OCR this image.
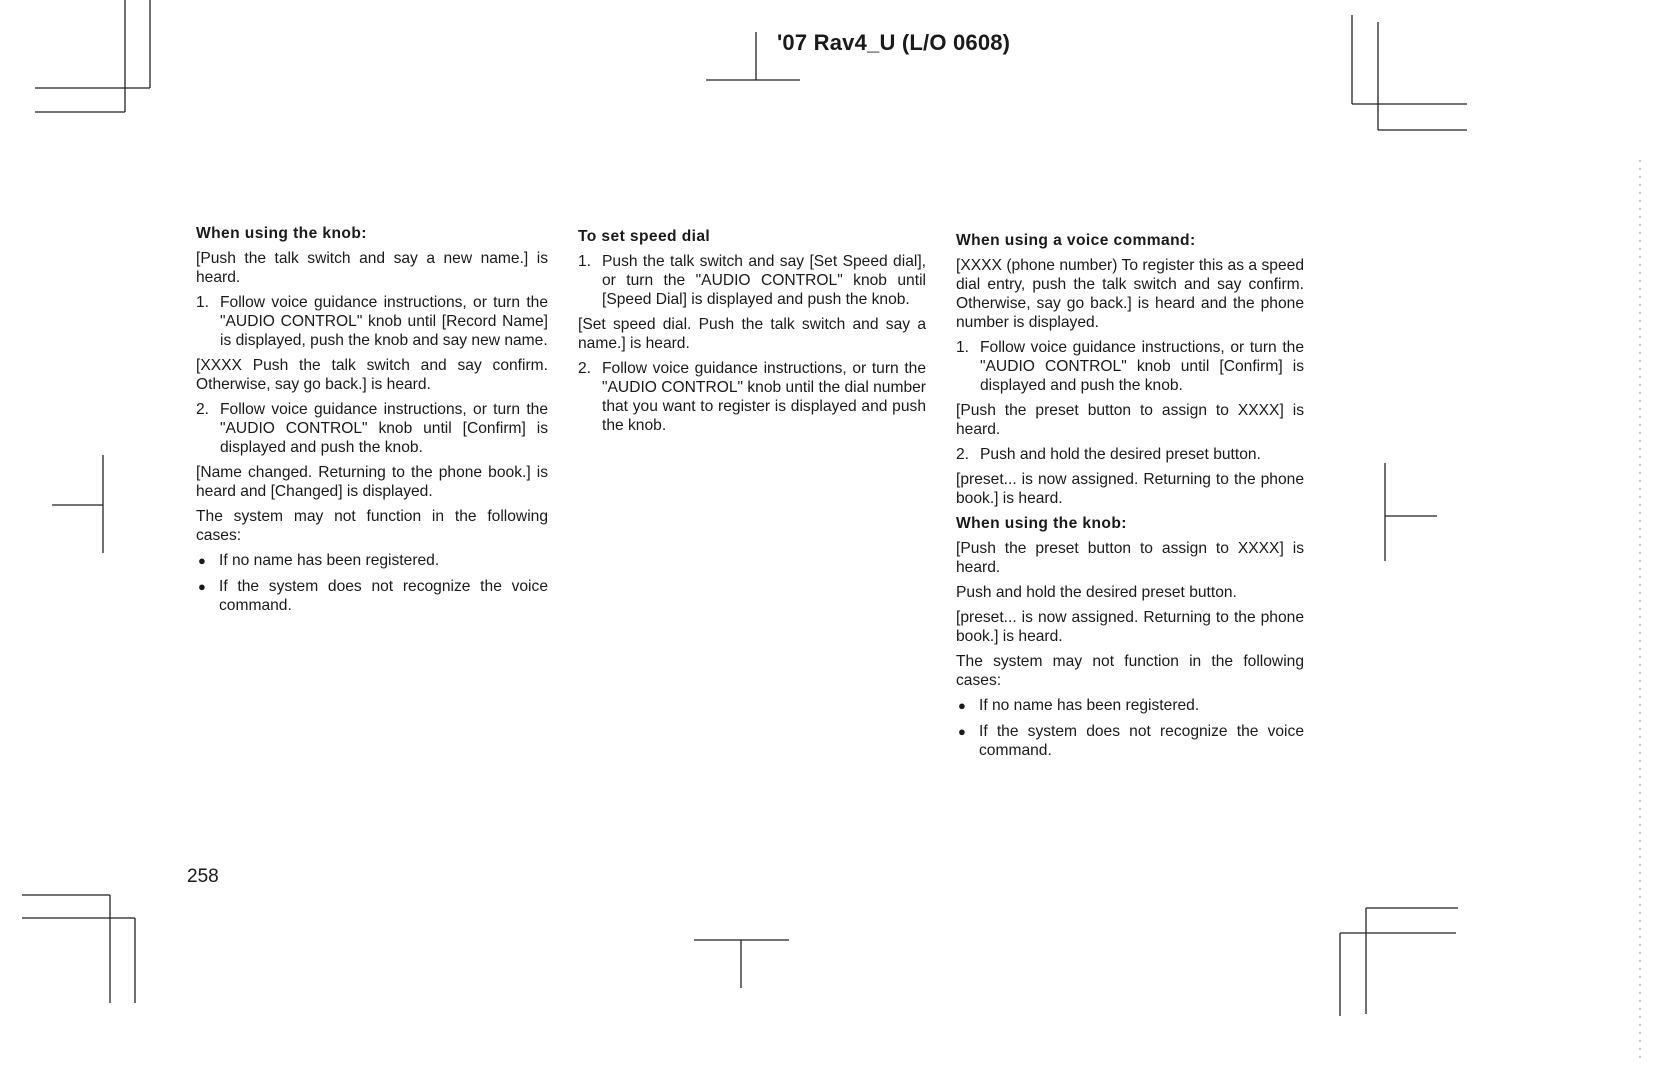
'07 Rav4_U (L/O 0608)

When using the knob:

[Push the talk switch and say a new name.] is heard.

1. Follow voice guidance instructions, or turn the "AUDIO CONTROL" knob until [Record Name] is displayed, push the knob and say new name.

[XXXX Push the talk switch and say confirm. Otherwise, say go back.] is heard.

2. Follow voice guidance instructions, or turn the "AUDIO CONTROL" knob until [Confirm] is displayed and push the knob.

[Name changed. Returning to the phone book.] is heard and [Changed] is displayed.

The system may not function in the following cases:

● If no name has been registered.
● If the system does not recognize the voice command.

To set speed dial

1. Push the talk switch and say [Set Speed dial], or turn the "AUDIO CONTROL" knob until [Speed Dial] is displayed and push the knob.

[Set speed dial. Push the talk switch and say a name.] is heard.

2. Follow voice guidance instructions, or turn the "AUDIO CONTROL" knob until the dial number that you want to register is displayed and push the knob.

When using a voice command:

[XXXX (phone number) To register this as a speed dial entry, push the talk switch and say confirm. Otherwise, say go back.] is heard and the phone number is displayed.

1. Follow voice guidance instructions, or turn the "AUDIO CONTROL" knob until [Confirm] is displayed and push the knob.

[Push the preset button to assign to XXXX] is heard.

2. Push and hold the desired preset button.

[preset... is now assigned. Returning to the phone book.] is heard.

When using the knob:

[Push the preset button to assign to XXXX] is heard.

Push and hold the desired preset button.

[preset... is now assigned. Returning to the phone book.] is heard.

The system may not function in the following cases:

● If no name has been registered.
● If the system does not recognize the voice command.
258
